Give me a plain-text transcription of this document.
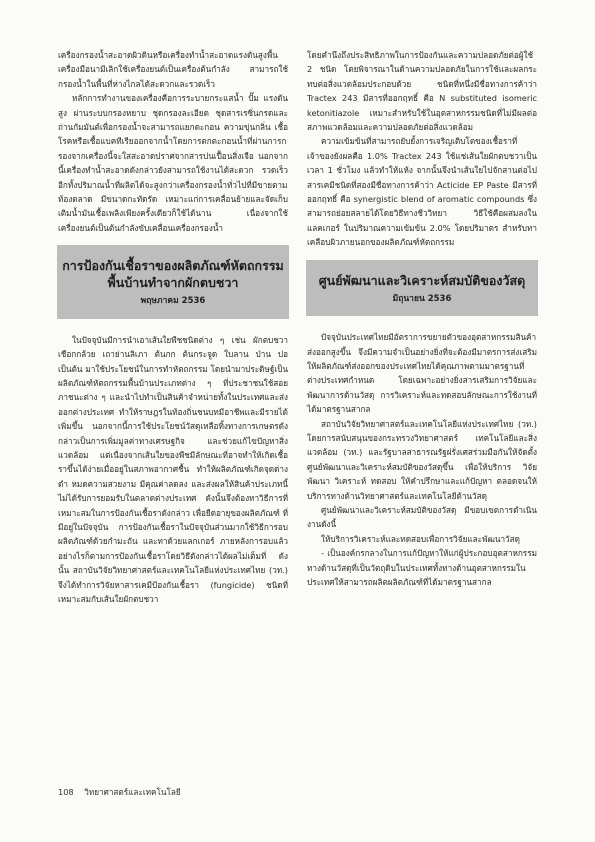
เครื่องกรองน้ำสะอาดผิวดินหรือเครื่องทำน้ำสะอาดแรงดันสูงพื้น เครื่องมือนามีเลิกใช้เครื่องยนต์เป็นเครื่องต้นกำลัง สามารถใช้กรองน้ำในพื้นที่ห่างไกลได้สะดวกและรวดเร็ว

หลักการทำงานของเครื่องคือการระบายกระแสน้ำ ปั๊ม แรงดันสูง ผ่านระบบกรองหยาบ ชุดกรองละเอียด ชุดสารเรซิ่นกรดและถ่านกัมมันต์เพื่อกรองน้ำจะสามารถแยกตะกอน ความขุ่นกลิ่น เชื้อโรคหรือเชื้อแบคทีเรียออกจากน้ำโดยการตกตะกอนน้ำที่ผ่านการกรองจากเครื่องนี้จะใสสะอาดปราศจากสารปนเปื้อนสิ่งเจือ นอกจากนี้เครื่องทำน้ำสะอาดดังกล่าวยังสามารถใช้งานได้สะดวก รวดเร็วอีกทั้งปริมาณน้ำที่ผลิตได้จะสูงกว่าเครื่องกรองน้ำทั่วไปที่มีขายตามท้องตลาด มีขนาดกะทัดรัด เหมาะแก่การเคลื่อนย้ายและจัดเก็บ เติมน้ำมันเชื้อเพลิงเพียงครั้งเดียวก็ใช้ได้นาน เนื่องจากใช้เครื่องยนต์เป็นต้นกำลังขับเคลื่อนเครื่องกรองน้ำ

การป้องกันเชื้อราของผลิตภัณฑ์หัตถกรรม
พื้นบ้านทำจากผักตบชวา
พฤษภาคม 2536

ในปัจจุบันมีการนำเอาเส้นใยพืชชนิดต่าง ๆ เช่น ผักตบชวา เชือกกล้วย เถาย่านลิเภา ต้นกก ต้นกระจูด ใบลาน ป่าน ปอ เป็นต้น มาใช้ประโยชน์ในการทำหัตถกรรม โดยนำมาประดิษฐ์เป็นผลิตภัณฑ์หัตถกรรมพื้นบ้านประเภทต่าง ๆ ที่ประชาชนใช้สอย ภาชนะต่าง ๆ และนำไปทำเป็นสินค้าจำหน่ายทั้งในประเทศและส่งออกต่างประเทศ ทำให้ราษฎรในท้องถิ่นชนบทมีอาชีพและมีรายได้เพิ่มขึ้น นอกจากนี้การใช้ประโยชน์วัสดุเหลือทิ้งทางการเกษตรดังกล่าวเป็นการเพิ่มมูลค่าทางเศรษฐกิจ และช่วยแก้ไขปัญหาสิ่งแวดล้อม แต่เนื่องจากเส้นใยของพืชมีลักษณะที่อาจทำให้เกิดเชื้อราขึ้นได้ง่ายเมื่ออยู่ในสภาพอากาศชื้น ทำให้ผลิตภัณฑ์เกิดจุดด่างดำ หมดความสวยงาม มีคุณค่าลดลง และส่งผลให้สินค้าประเภทนี้ไม่ได้รับการยอมรับในตลาดต่างประเทศ ดังนั้นจึงต้องหาวิธีการที่เหมาะสมในการป้องกันเชื้อราดังกล่าว เพื่อยืดอายุของผลิตภัณฑ์ ที่มีอยู่ในปัจจุบัน การป้องกันเชื้อราในปัจจุบันส่วนมากใช้วิธีการอบผลิตภัณฑ์ด้วยกำมะถัน และทาด้วยแลกเกอร์ ภายหลังการอบแล้ว อย่างไรก็ตามการป้องกันเชื้อราโดยวิธีดังกล่าวได้ผลไม่เต็มที่ ดังนั้น สถาบันวิจัยวิทยาศาสตร์และเทคโนโลยีแห่งประเทศไทย (วท.) จึงได้ทำการวิจัยหาสารเคมีป้องกันเชื้อรา (fungicide) ชนิดที่เหมาะสมกับเส้นใยผักตบชวา

โดยคำนึงถึงประสิทธิภาพในการป้องกันและความปลอดภัยต่อผู้ใช้ 2 ชนิด โดยพิจารณาในด้านความปลอดภัยในการใช้และผลกระทบต่อสิ่งแวดล้อมประกอบด้วย ชนิดที่หนึ่งมีชื่อทางการค้าว่า Tractex 243 มีสารที่ออกฤทธิ์ คือ N substituted isomeric ketonitiazole เหมาะสำหรับใช้ในอุตสาหกรรมชนิดที่ไม่มีผลต่อสภาพแวดล้อมและความปลอดภัยต่อสิ่งแวดล้อม

ความเข้มข้นที่สามารถยับยั้งการเจริญเติบโตของเชื้อราที่เจ้าของยังผลคือ 1.0% Tractex 243 ใช้แช่เส้นใยผักตบชวาเป็นเวลา 1 ชั่วโมง แล้วทำให้แห้ง จากนั้นจึงนำเส้นใยไปจักสานต่อไป สารเคมีชนิดที่สองมีชื่อทางการค้าว่า Acticide EP Paste มีสารที่ออกฤทธิ์ คือ synergistic blend of aromatic compounds ซึ่งสามารถย่อยสลายได้โดยวิธีทางชีววิทยา วิธีใช้คือผสมลงในแลคเกอร์ ในปริมาณความเข้มข้น 2.0% โดยปริมาตร สำหรับทาเคลือบผิวภายนอกของผลิตภัณฑ์หัตถกรรม

ศูนย์พัฒนาและวิเคราะห์สมบัติของวัสดุ
มิถุนายน 2536

ปัจจุบันประเทศไทยมีอัตราการขยายตัวของอุตสาหกรรมสินค้าส่งออกสูงขึ้น จึงมีความจำเป็นอย่างยิ่งที่จะต้องมีมาตรการส่งเสริมให้ผลิตภัณฑ์ส่งออกของประเทศไทยได้คุณภาพตามมาตรฐานที่ต่างประเทศกำหนด โดยเฉพาะอย่างยิ่งสารเสริมการวิจัยและพัฒนาการด้านวัสดุ การวิเคราะห์และทดสอบลักษณะการใช้งานที่ได้มาตรฐานสากล

สถาบันวิจัยวิทยาศาสตร์และเทคโนโลยีแห่งประเทศไทย (วท.) โดยการสนับสนุนของกระทรวงวิทยาศาสตร์ เทคโนโลยีและสิ่งแวดล้อม (วท.) และรัฐบาลสาธารณรัฐฝรั่งเศสร่วมมือกันให้จัดตั้งศูนย์พัฒนาและวิเคราะห์สมบัติของวัสดุขึ้น เพื่อให้บริการ วิจัย พัฒนา วิเคราะห์ ทดสอบ ให้คำปรึกษาและแก้ปัญหา ตลอดจนให้บริการทางด้านวิทยาศาสตร์และเทคโนโลยีด้านวัสดุ

ศูนย์พัฒนาและวิเคราะห์สมบัติของวัสดุ มีขอบเขตการดำเนินงานดังนี้

ให้บริการวิเคราะห์และทดสอบเพื่อการวิจัยและพัฒนาวัสดุ

- เป็นองค์กรกลางในการแก้ปัญหาให้แก่ผู้ประกอบอุตสาหกรรมทางด้านวัสดุที่เป็นวัตถุดิบในประเทศทั้งทางด้านอุตสาหกรรมในประเทศให้สามารถผลิตผลิตภัณฑ์ที่ได้มาตรฐานสากล

108 วิทยาศาสตร์และเทคโนโลยี
